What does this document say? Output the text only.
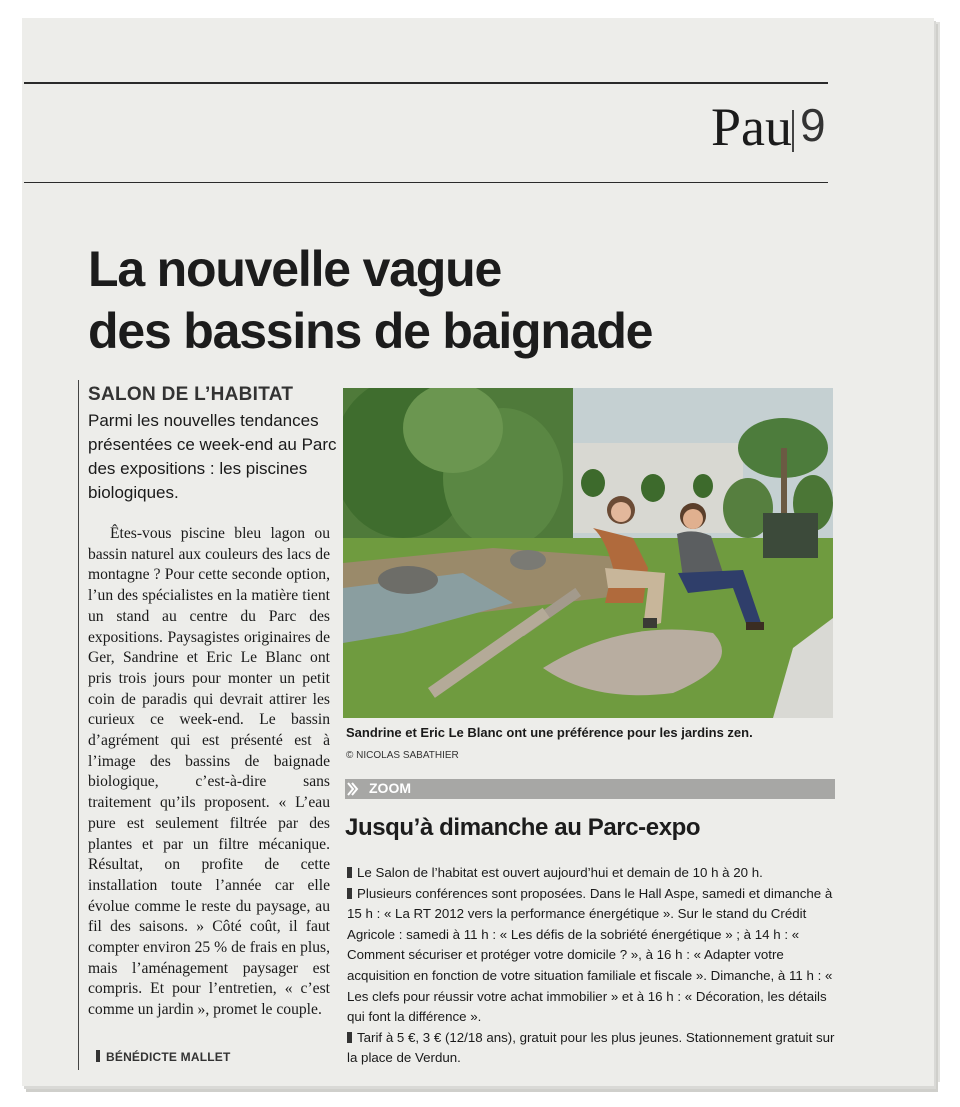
Pau 9
La nouvelle vague
des bassins de baignade
SALON DE L’HABITAT
Parmi les nouvelles tendances présentées ce week-end au Parc des expositions : les piscines biologiques.
Êtes-vous piscine bleu lagon ou bassin naturel aux couleurs des lacs de montagne ? Pour cette seconde option, l’un des spécialistes en la matière tient un stand au centre du Parc des expositions. Paysagistes originaires de Ger, Sandrine et Eric Le Blanc ont pris trois jours pour monter un petit coin de paradis qui devrait attirer les curieux ce week-end. Le bassin d’agrément qui est présenté est à l’image des bassins de baignade biologique, c’est-à-dire sans traitement qu’ils proposent. « L’eau pure est seulement filtrée par des plantes et par un filtre mécanique. Résultat, on profite de cette installation toute l’année car elle évolue comme le reste du paysage, au fil des saisons. » Côté coût, il faut compter environ 25 % de frais en plus, mais l’aménagement paysager est compris. Et pour l’entretien, « c’est comme un jardin », promet le couple.
BÉNÉDICTE MALLET
Sandrine et Eric Le Blanc ont une préférence pour les jardins zen.
© NICOLAS SABATHIER
ZOOM
Jusqu’à dimanche au Parc-expo

Le Salon de l’habitat est ouvert aujourd’hui et demain de 10 h à 20 h.

Plusieurs conférences sont proposées. Dans le Hall Aspe, samedi et dimanche à 15 h : « La RT 2012 vers la performance énergétique ». Sur le stand du Crédit Agricole : samedi à 11 h : « Les défis de la sobriété énergétique » ; à 14 h : « Comment sécuriser et protéger votre domicile ? », à 16 h : « Adapter votre acquisition en fonction de votre situation familiale et fiscale ». Dimanche, à 11 h : « Les clefs pour réussir votre achat immobilier » et à 16 h : « Décoration, les détails qui font la différence ».

Tarif à 5 €, 3 € (12/18 ans), gratuit pour les plus jeunes. Stationnement gratuit sur la place de Verdun.
